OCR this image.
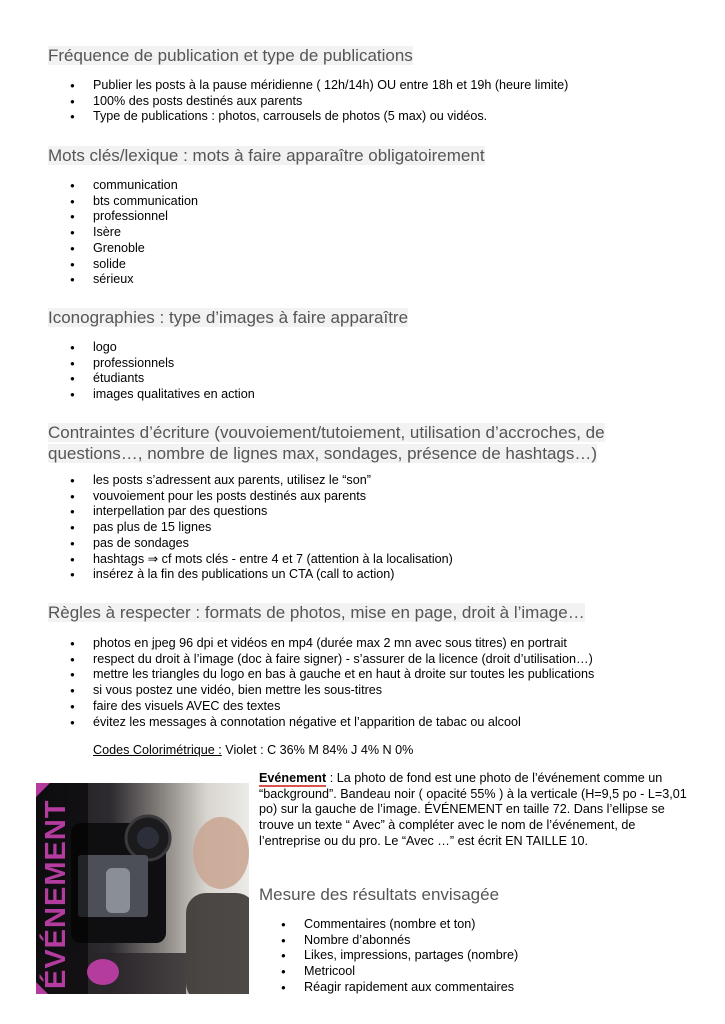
Fréquence de publication et type de publications
● Publier les posts à la pause méridienne ( 12h/14h) OU entre 18h et 19h (heure limite)
● 100% des posts destinés aux parents
● Type de publications : photos, carrousels de photos (5 max) ou vidéos.
Mots clés/lexique : mots à faire apparaître obligatoirement
● communication
● bts communication
● professionnel
● Isère
● Grenoble
● solide
● sérieux
Iconographies : type d’images à faire apparaître
● logo
● professionnels
● étudiants
● images qualitatives en action
Contraintes d’écriture (vouvoiement/tutoiement, utilisation d’accroches, de
questions…, nombre de lignes max, sondages, présence de hashtags…)
● les posts s’adressent aux parents, utilisez le “son”
● vouvoiement pour les posts destinés aux parents
● interpellation par des questions
● pas plus de 15 lignes
● pas de sondages
● hashtags ⇒ cf mots clés - entre 4 et 7 (attention à la localisation)
● insérez à la fin des publications un CTA (call to action)
Règles à respecter : formats de photos, mise en page, droit à l’image…
● photos en jpeg 96 dpi et vidéos en mp4 (durée max 2 mn avec sous titres) en portrait
● respect du droit à l’image (doc à faire signer) - s’assurer de la licence (droit d’utilisation…)
● mettre les triangles du logo en bas à gauche et en haut à droite sur toutes les publications
● si vous postez une vidéo, bien mettre les sous-titres
● faire des visuels AVEC des textes
● évitez les messages à connotation négative et l’apparition de tabac ou alcool
Codes Colorimétrique : Violet : C 36% M 84% J 4% N 0%
ÉVÉNEMENT

Evénement : La photo de fond est une photo de l’événement comme un “background”. Bandeau noir ( opacité 55% ) à la verticale (H=9,5 po - L=3,01 po) sur la gauche de l’image. ÉVÉNEMENT en taille 72. Dans l’ellipse se trouve un texte “ Avec” à compléter avec le nom de l’événement, de l’entreprise ou du pro. Le “Avec …” est écrit EN TAILLE 10.

Mesure des résultats envisagée
● Commentaires (nombre et ton)
● Nombre d’abonnés
● Likes, impressions, partages (nombre)
● Metricool
● Réagir rapidement aux commentaires
